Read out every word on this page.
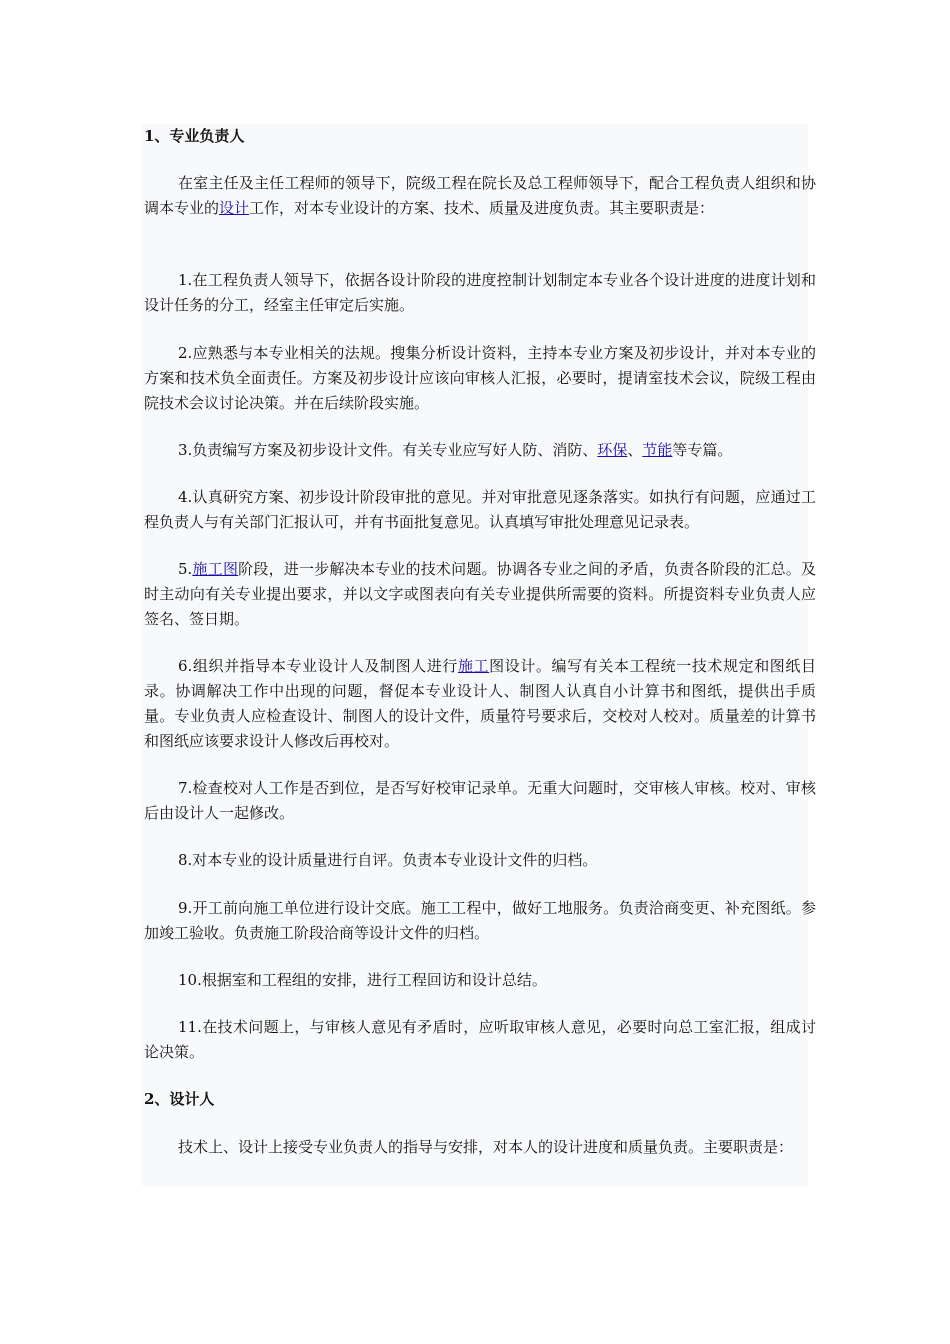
1、专业负责人
在室主任及主任工程师的领导下，院级工程在院长及总工程师领导下，配合工程负责人组织和协调本专业的设计工作，对本专业设计的方案、技术、质量及进度负责。其主要职责是：
1.在工程负责人领导下，依据各设计阶段的进度控制计划制定本专业各个设计进度的进度计划和设计任务的分工，经室主任审定后实施。
2.应熟悉与本专业相关的法规。搜集分析设计资料，主持本专业方案及初步设计，并对本专业的方案和技术负全面责任。方案及初步设计应该向审核人汇报，必要时，提请室技术会议，院级工程由院技术会议讨论决策。并在后续阶段实施。
3.负责编写方案及初步设计文件。有关专业应写好人防、消防、环保、节能等专篇。
4.认真研究方案、初步设计阶段审批的意见。并对审批意见逐条落实。如执行有问题，应通过工程负责人与有关部门汇报认可，并有书面批复意见。认真填写审批处理意见记录表。
5.施工图阶段，进一步解决本专业的技术问题。协调各专业之间的矛盾，负责各阶段的汇总。及时主动向有关专业提出要求，并以文字或图表向有关专业提供所需要的资料。所提资料专业负责人应签名、签日期。
6.组织并指导本专业设计人及制图人进行施工图设计。编写有关本工程统一技术规定和图纸目录。协调解决工作中出现的问题，督促本专业设计人、制图人认真自小计算书和图纸，提供出手质量。专业负责人应检查设计、制图人的设计文件，质量符号要求后，交校对人校对。质量差的计算书和图纸应该要求设计人修改后再校对。
7.检查校对人工作是否到位，是否写好校审记录单。无重大问题时，交审核人审核。校对、审核后由设计人一起修改。
8.对本专业的设计质量进行自评。负责本专业设计文件的归档。
9.开工前向施工单位进行设计交底。施工工程中，做好工地服务。负责洽商变更、补充图纸。参加竣工验收。负责施工阶段洽商等设计文件的归档。
10.根据室和工程组的安排，进行工程回访和设计总结。
11.在技术问题上，与审核人意见有矛盾时，应听取审核人意见，必要时向总工室汇报，组成讨论决策。
2、设计人
技术上、设计上接受专业负责人的指导与安排，对本人的设计进度和质量负责。主要职责是：
